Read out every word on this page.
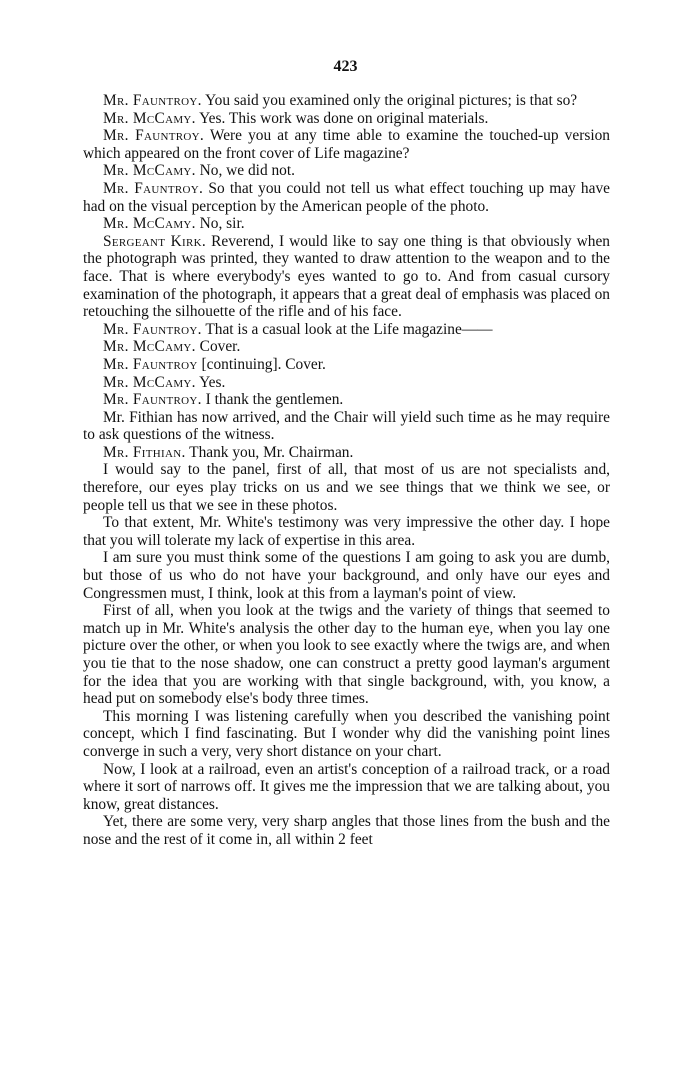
423

Mr. Fauntroy. You said you examined only the original pictures; is that so?

Mr. McCamy. Yes. This work was done on original materials.

Mr. Fauntroy. Were you at any time able to examine the touched-up version which appeared on the front cover of Life magazine?

Mr. McCamy. No, we did not.

Mr. Fauntroy. So that you could not tell us what effect touching up may have had on the visual perception by the American people of the photo.

Mr. McCamy. No, sir.

Sergeant Kirk. Reverend, I would like to say one thing is that obviously when the photograph was printed, they wanted to draw attention to the weapon and to the face. That is where everybody's eyes wanted to go to. And from casual cursory examination of the photograph, it appears that a great deal of emphasis was placed on retouching the silhouette of the rifle and of his face.

Mr. Fauntroy. That is a casual look at the Life magazine——

Mr. McCamy. Cover.

Mr. Fauntroy [continuing]. Cover.

Mr. McCamy. Yes.

Mr. Fauntroy. I thank the gentlemen.

Mr. Fithian has now arrived, and the Chair will yield such time as he may require to ask questions of the witness.

Mr. Fithian. Thank you, Mr. Chairman.

I would say to the panel, first of all, that most of us are not specialists and, therefore, our eyes play tricks on us and we see things that we think we see, or people tell us that we see in these photos.

To that extent, Mr. White's testimony was very impressive the other day. I hope that you will tolerate my lack of expertise in this area.

I am sure you must think some of the questions I am going to ask you are dumb, but those of us who do not have your background, and only have our eyes and Congressmen must, I think, look at this from a layman's point of view.

First of all, when you look at the twigs and the variety of things that seemed to match up in Mr. White's analysis the other day to the human eye, when you lay one picture over the other, or when you look to see exactly where the twigs are, and when you tie that to the nose shadow, one can construct a pretty good layman's argument for the idea that you are working with that single background, with, you know, a head put on somebody else's body three times.

This morning I was listening carefully when you described the vanishing point concept, which I find fascinating. But I wonder why did the vanishing point lines converge in such a very, very short distance on your chart.

Now, I look at a railroad, even an artist's conception of a railroad track, or a road where it sort of narrows off. It gives me the impression that we are talking about, you know, great distances.

Yet, there are some very, very sharp angles that those lines from the bush and the nose and the rest of it come in, all within 2 feet
